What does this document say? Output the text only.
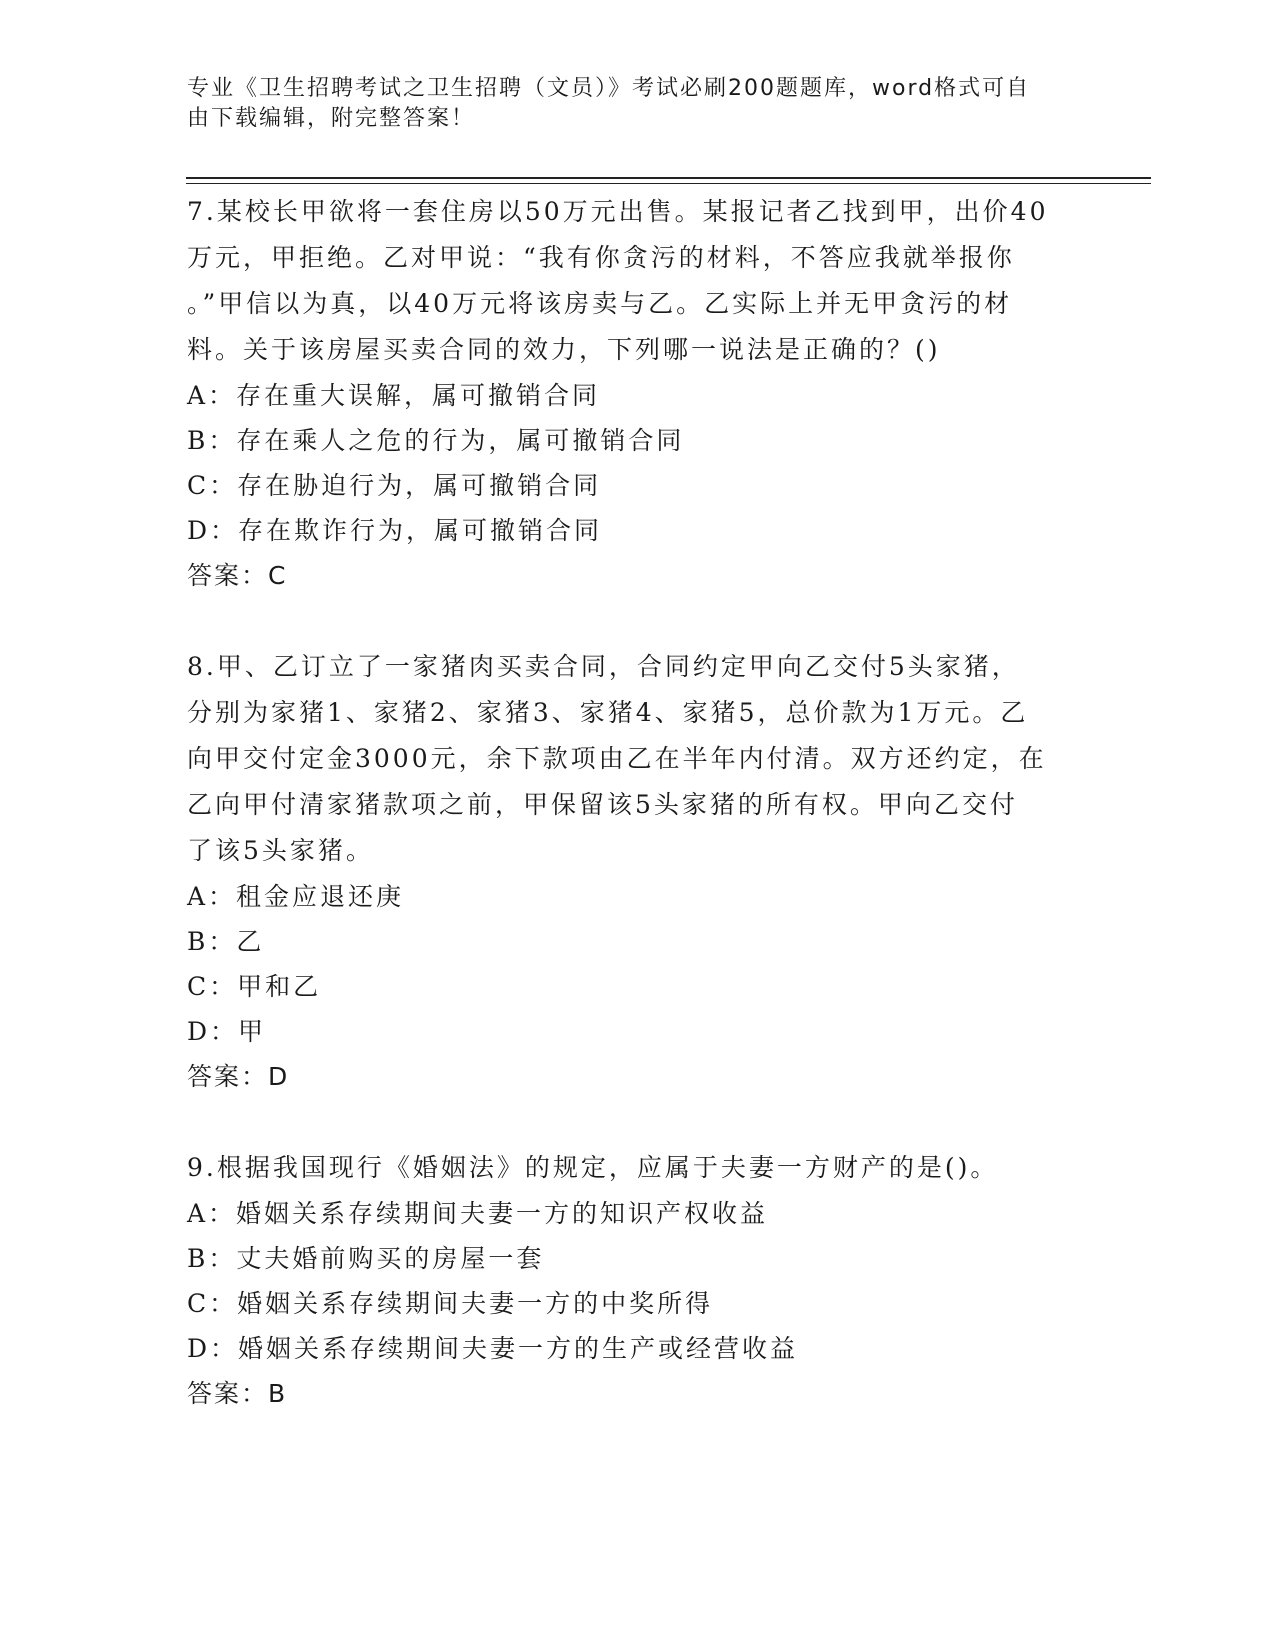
专业《卫生招聘考试之卫生招聘（文员）》考试必刷200题题库，word格式可自
由下载编辑，附完整答案！
7.某校长甲欲将一套住房以50万元出售。某报记者乙找到甲，出价40
万元，甲拒绝。乙对甲说：“我有你贪污的材料，不答应我就举报你
。”甲信以为真，以40万元将该房卖与乙。乙实际上并无甲贪污的材
料。关于该房屋买卖合同的效力，下列哪一说法是正确的？()
A：存在重大误解，属可撤销合同
B：存在乘人之危的行为，属可撤销合同
C：存在胁迫行为，属可撤销合同
D：存在欺诈行为，属可撤销合同
答案：C
8.甲、乙订立了一家猪肉买卖合同，合同约定甲向乙交付5头家猪，
分别为家猪1、家猪2、家猪3、家猪4、家猪5，总价款为1万元。乙
向甲交付定金3000元，余下款项由乙在半年内付清。双方还约定，在
乙向甲付清家猪款项之前，甲保留该5头家猪的所有权。甲向乙交付
了该5头家猪。
A：租金应退还庚
B：乙
C：甲和乙
D：甲
答案：D
9.根据我国现行《婚姻法》的规定，应属于夫妻一方财产的是()。
A：婚姻关系存续期间夫妻一方的知识产权收益
B：丈夫婚前购买的房屋一套
C：婚姻关系存续期间夫妻一方的中奖所得
D：婚姻关系存续期间夫妻一方的生产或经营收益
答案：B
